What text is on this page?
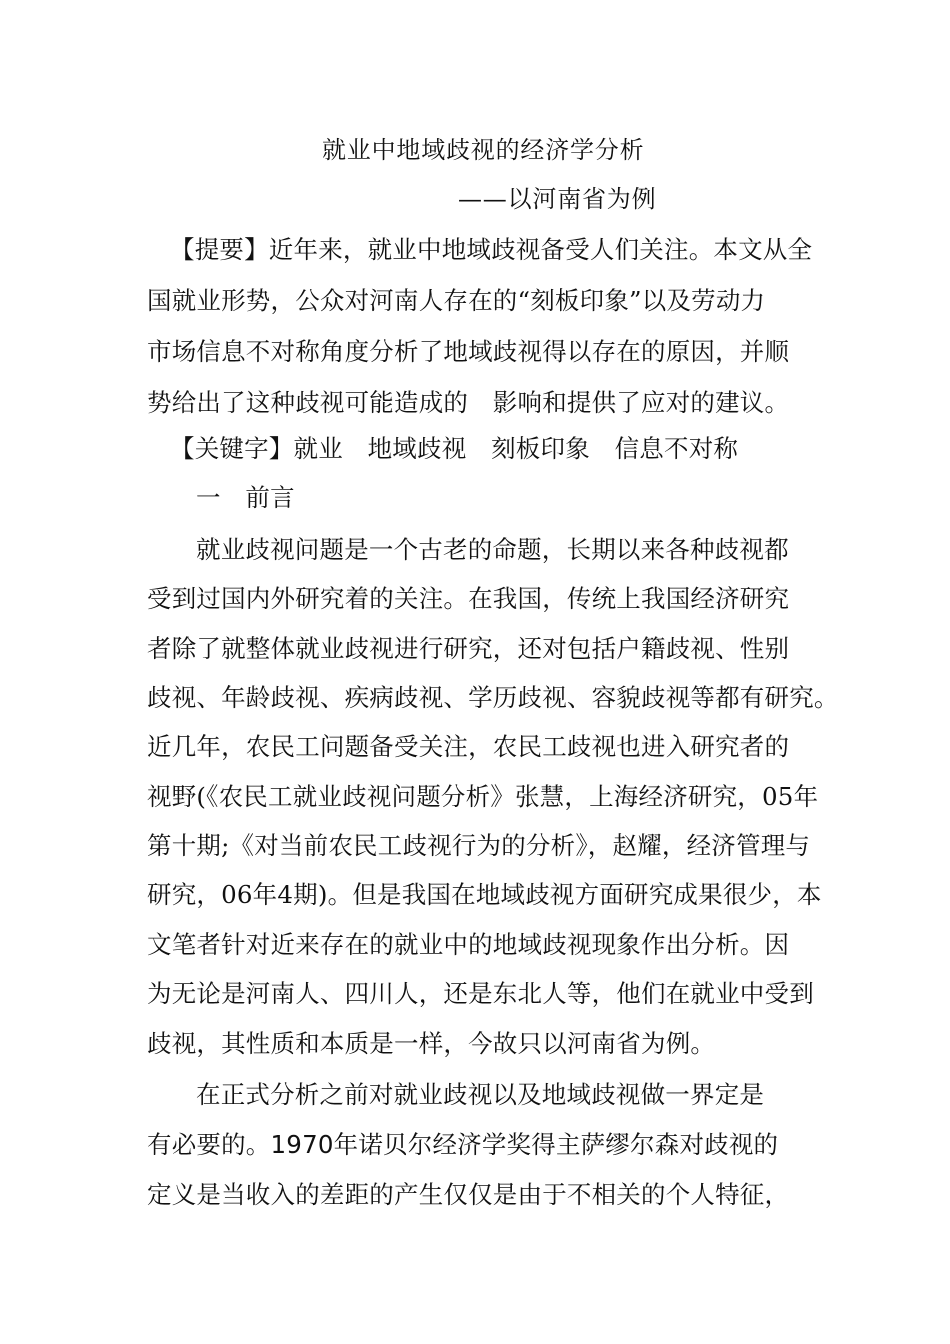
就业中地域歧视的经济学分析
——以河南省为例
【提要】近年来，就业中地域歧视备受人们关注。本文从全
国就业形势，公众对河南人存在的“刻板印象”以及劳动力
市场信息不对称角度分析了地域歧视得以存在的原因，并顺
势给出了这种歧视可能造成的　影响和提供了应对的建议。
【关键字】就业　地域歧视　刻板印象　信息不对称
一　前言
就业歧视问题是一个古老的命题，长期以来各种歧视都
受到过国内外研究着的关注。在我国，传统上我国经济研究
者除了就整体就业歧视进行研究，还对包括户籍歧视、性别
歧视、年龄歧视、疾病歧视、学历歧视、容貌歧视等都有研究。
近几年，农民工问题备受关注，农民工歧视也进入研究者的
视野(《农民工就业歧视问题分析》张慧，上海经济研究，05年
第十期;《对当前农民工歧视行为的分析》，赵耀，经济管理与
研究，06年4期)。但是我国在地域歧视方面研究成果很少，本
文笔者针对近来存在的就业中的地域歧视现象作出分析。因
为无论是河南人、四川人，还是东北人等，他们在就业中受到
歧视，其性质和本质是一样，今故只以河南省为例。
在正式分析之前对就业歧视以及地域歧视做一界定是
有必要的。1970年诺贝尔经济学奖得主萨缪尔森对歧视的
定义是当收入的差距的产生仅仅是由于不相关的个人特征，
